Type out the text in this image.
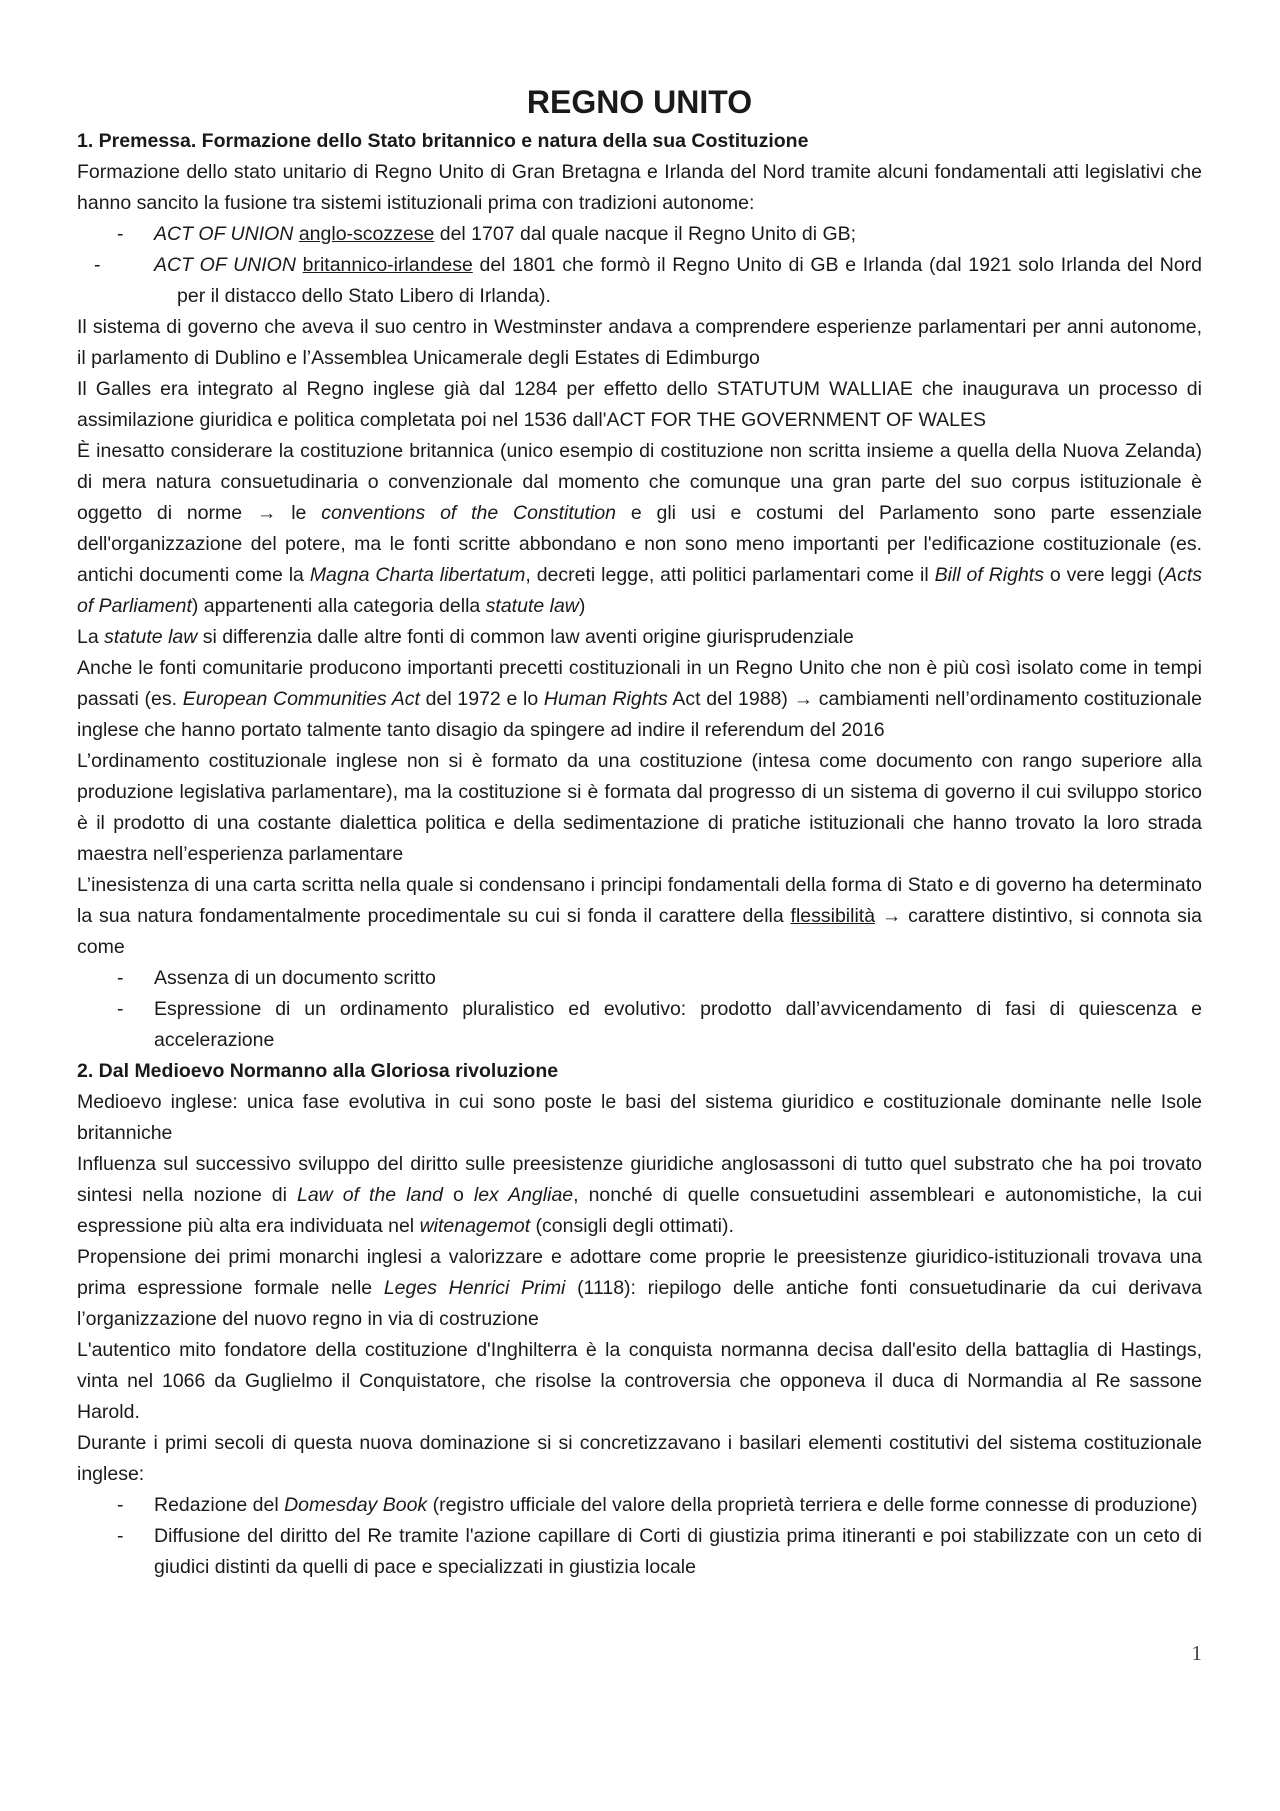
REGNO UNITO
1. Premessa. Formazione dello Stato britannico e natura della sua Costituzione

Formazione dello stato unitario di Regno Unito di Gran Bretagna e Irlanda del Nord tramite alcuni fondamentali atti legislativi che hanno sancito la fusione tra sistemi istituzionali prima con tradizioni autonome:

- ACT OF UNION anglo-scozzese del 1707 dal quale nacque il Regno Unito di GB;
- ACT OF UNION britannico-irlandese del 1801 che formò il Regno Unito di GB e Irlanda (dal 1921 solo Irlanda del Nord per il distacco dello Stato Libero di Irlanda).

Il sistema di governo che aveva il suo centro in Westminster andava a comprendere esperienze parlamentari per anni autonome, il parlamento di Dublino e l’Assemblea Unicamerale degli Estates di Edimburgo

Il Galles era integrato al Regno inglese già dal 1284 per effetto dello STATUTUM WALLIAE che inaugurava un processo di assimilazione giuridica e politica completata poi nel 1536 dall'ACT FOR THE GOVERNMENT OF WALES

È inesatto considerare la costituzione britannica (unico esempio di costituzione non scritta insieme a quella della Nuova Zelanda) di mera natura consuetudinaria o convenzionale dal momento che comunque una gran parte del suo corpus istituzionale è oggetto di norme → le conventions of the Constitution e gli usi e costumi del Parlamento sono parte essenziale dell'organizzazione del potere, ma le fonti scritte abbondano e non sono meno importanti per l'edificazione costituzionale (es. antichi documenti come la Magna Charta libertatum, decreti legge, atti politici parlamentari come il Bill of Rights o vere leggi (Acts of Parliament) appartenenti alla categoria della statute law)

La statute law si differenzia dalle altre fonti di common law aventi origine giurisprudenziale

Anche le fonti comunitarie producono importanti precetti costituzionali in un Regno Unito che non è più così isolato come in tempi passati (es. European Communities Act del 1972 e lo Human Rights Act del 1988) → cambiamenti nell’ordinamento costituzionale inglese che hanno portato talmente tanto disagio da spingere ad indire il referendum del 2016

L’ordinamento costituzionale inglese non si è formato da una costituzione (intesa come documento con rango superiore alla produzione legislativa parlamentare), ma la costituzione si è formata dal progresso di un sistema di governo il cui sviluppo storico è il prodotto di una costante dialettica politica e della sedimentazione di pratiche istituzionali che hanno trovato la loro strada maestra nell’esperienza parlamentare

L’inesistenza di una carta scritta nella quale si condensano i principi fondamentali della forma di Stato e di governo ha determinato la sua natura fondamentalmente procedimentale su cui si fonda il carattere della flessibilità → carattere distintivo, si connota sia come

- Assenza di un documento scritto
- Espressione di un ordinamento pluralistico ed evolutivo: prodotto dall’avvicendamento di fasi di quiescenza e accelerazione
2. Dal Medioevo Normanno alla Gloriosa rivoluzione

Medioevo inglese: unica fase evolutiva in cui sono poste le basi del sistema giuridico e costituzionale dominante nelle Isole britanniche

Influenza sul successivo sviluppo del diritto sulle preesistenze giuridiche anglosassoni di tutto quel substrato che ha poi trovato sintesi nella nozione di Law of the land o lex Angliae, nonché di quelle consuetudini assembleari e autonomistiche, la cui espressione più alta era individuata nel witenagemot (consigli degli ottimati).

Propensione dei primi monarchi inglesi a valorizzare e adottare come proprie le preesistenze giuridico-istituzionali trovava una prima espressione formale nelle Leges Henrici Primi (1118): riepilogo delle antiche fonti consuetudinarie da cui derivava l’organizzazione del nuovo regno in via di costruzione

L'autentico mito fondatore della costituzione d'Inghilterra è la conquista normanna decisa dall'esito della battaglia di Hastings, vinta nel 1066 da Guglielmo il Conquistatore, che risolse la controversia che opponeva il duca di Normandia al Re sassone Harold.

Durante i primi secoli di questa nuova dominazione si si concretizzavano i basilari elementi costitutivi del sistema costituzionale inglese:

- Redazione del Domesday Book (registro ufficiale del valore della proprietà terriera e delle forme connesse di produzione)
- Diffusione del diritto del Re tramite l'azione capillare di Corti di giustizia prima itineranti e poi stabilizzate con un ceto di giudici distinti da quelli di pace e specializzati in giustizia locale
1
